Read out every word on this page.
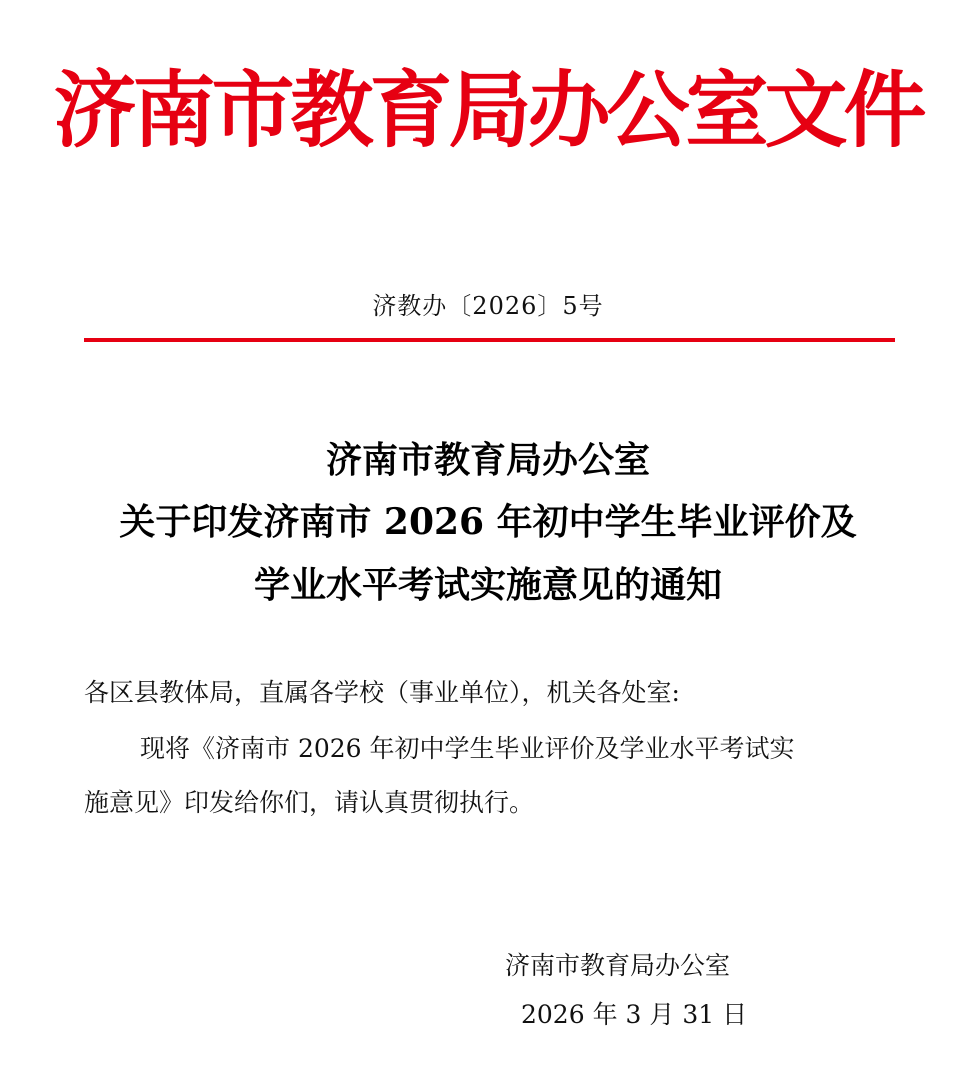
济南市教育局办公室文件
济教办〔2026〕5号
济南市教育局办公室
关于印发济南市 2026 年初中学生毕业评价及
学业水平考试实施意见的通知
各区县教体局，直属各学校（事业单位），机关各处室:
现将《济南市 2026 年初中学生毕业评价及学业水平考试实
施意见》印发给你们，请认真贯彻执行。
济南市教育局办公室
2026 年 3 月 31 日
